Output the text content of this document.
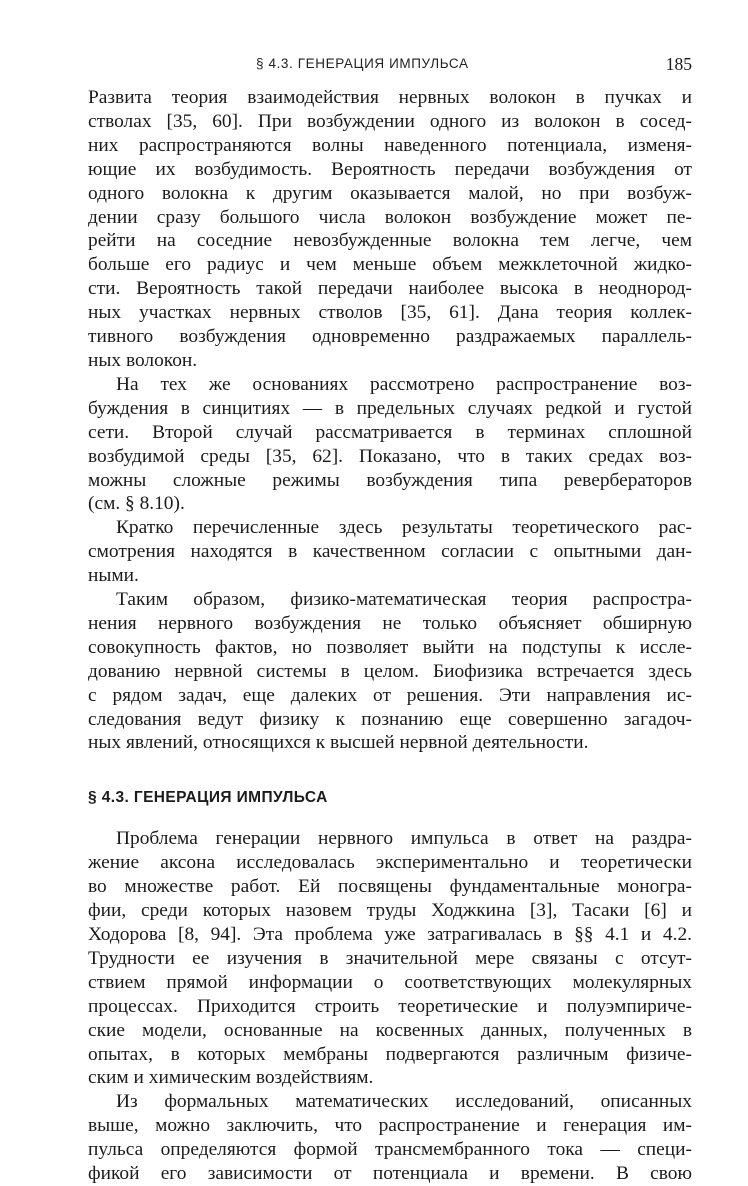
§ 4.3. ГЕНЕРАЦИЯ ИМПУЛЬСА	185

Развита теория взаимодействия нервных волокон в пучках и
стволах [35, 60]. При возбуждении одного из волокон в сосед-
них распространяются волны наведенного потенциала, изменя-
ющие их возбудимость. Вероятность передачи возбуждения от
одного волокна к другим оказывается малой, но при возбуж-
дении сразу большого числа волокон возбуждение может пе-
рейти на соседние невозбужденные волокна тем легче, чем
больше его радиус и чем меньше объем межклеточной жидко-
сти. Вероятность такой передачи наиболее высока в неоднород-
ных участках нервных стволов [35, 61]. Дана теория коллек-
тивного возбуждения одновременно раздражаемых параллель-
ных волокон.

На тех же основаниях рассмотрено распространение воз-
буждения в синцитиях — в предельных случаях редкой и густой
сети. Второй случай рассматривается в терминах сплошной
возбудимой среды [35, 62]. Показано, что в таких средах воз-
можны сложные режимы возбуждения типа ревербераторов
(см. § 8.10).

Кратко перечисленные здесь результаты теоретического рас-
смотрения находятся в качественном согласии с опытными дан-
ными.

Таким образом, физико-математическая теория распростра-
нения нервного возбуждения не только объясняет обширную
совокупность фактов, но позволяет выйти на подступы к иссле-
дованию нервной системы в целом. Биофизика встречается здесь
с рядом задач, еще далеких от решения. Эти направления ис-
следования ведут физику к познанию еще совершенно загадоч-
ных явлений, относящихся к высшей нервной деятельности.

§ 4.3. ГЕНЕРАЦИЯ ИМПУЛЬСА

Проблема генерации нервного импульса в ответ на раздра-
жение аксона исследовалась экспериментально и теоретически
во множестве работ. Ей посвящены фундаментальные моногра-
фии, среди которых назовем труды Ходжкина [3], Тасаки [6] и
Ходорова [8, 94]. Эта проблема уже затрагивалась в §§ 4.1 и 4.2.
Трудности ее изучения в значительной мере связаны с отсут-
ствием прямой информации о соответствующих молекулярных
процессах. Приходится строить теоретические и полуэмпириче-
ские модели, основанные на косвенных данных, полученных в
опытах, в которых мембраны подвергаются различным физиче-
ским и химическим воздействиям.

Из формальных математических исследований, описанных
выше, можно заключить, что распространение и генерация им-
пульса определяются формой трансмембранного тока — специ-
фикой его зависимости от потенциала и времени. В свою
